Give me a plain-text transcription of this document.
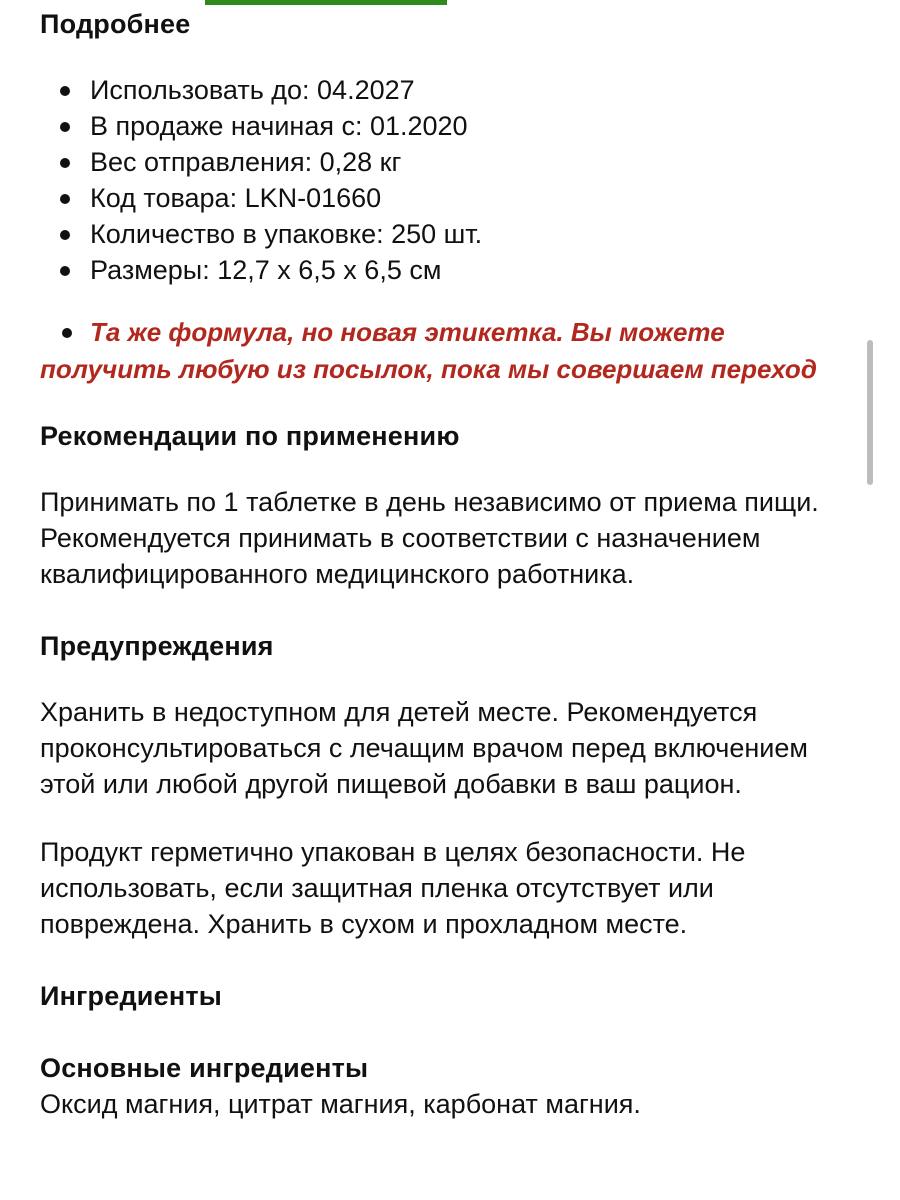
Подробнее
Использовать до: 04.2027
В продаже начиная с: 01.2020
Вес отправления: 0,28 кг
Код товара: LKN-01660
Количество в упаковке: 250 шт.
Размеры: 12,7 x 6,5 x 6,5 см
Та же формула, но новая этикетка. Вы можете получить любую из посылок, пока мы совершаем переход
Рекомендации по применению

Принимать по 1 таблетке в день независимо от приема пищи. Рекомендуется принимать в соответствии с назначением квалифицированного медицинского работника.

Предупреждения

Хранить в недоступном для детей месте. Рекомендуется проконсультироваться с лечащим врачом перед включением этой или любой другой пищевой добавки в ваш рацион.

Продукт герметично упакован в целях безопасности. Не использовать, если защитная пленка отсутствует или повреждена. Хранить в сухом и прохладном месте.

Ингредиенты
Основные ингредиенты

Оксид магния, цитрат магния, карбонат магния.
